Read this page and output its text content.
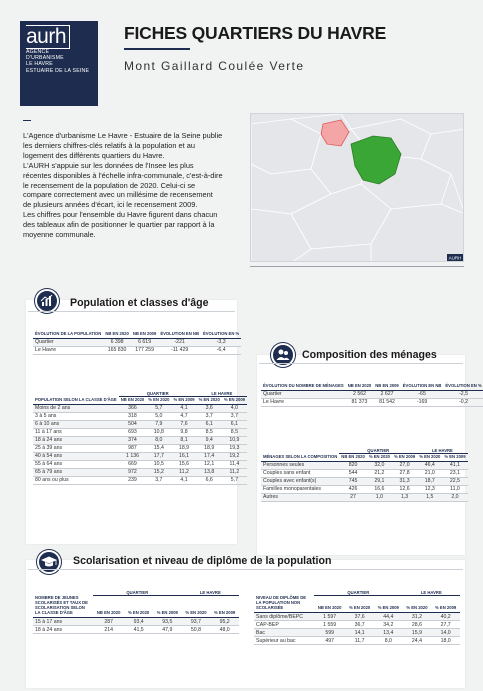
aurh
AGENCE
D'URBANISME
LE HAVRE
ESTUAIRE DE LA SEINE
FICHES QUARTIERS DU HAVRE
Mont Gaillard Coulée Verte

L'Agence d'urbanisme Le Havre - Estuaire de la Seine publie les derniers chiffres-clés relatifs à la population et au logement des différents quartiers du Havre.

L'AURH s'appuie sur les données de l'Insee les plus récentes disponibles à l'échelle infra-communale, c'est-à-dire le recensement de la population de 2020. Celui-ci se compare correctement avec un millésime de recensement de plusieurs années d'écart, ici le recensement 2009.

Les chiffres pour l'ensemble du Havre figurent dans chacun des tableaux afin de positionner le quartier par rapport à la moyenne communale.

AURH
Population et classes d'âge
ÉVOLUTION DE LA POPULATION	NB EN 2020	NB EN 2009	ÉVOLUTION EN NB	ÉVOLUTION EN %
Quartier	6 398	6 619	-221	-3,3
Le Havre	165 830	177 259	-11 429	-6,4
	QUARTIER			LE HAVRE	
POPULATION SELON LA CLASSE D'ÂGE	NB EN 2020	% EN 2020	% EN 2009	% EN 2020	% EN 2009
Moins de 2 ans	366	5,7	4,1	3,6	4,0
3 à 5 ans	318	5,0	4,7	3,7	3,7
6 à 10 ans	504	7,9	7,6	6,1	6,1
11 à 17 ans	693	10,8	9,8	8,5	8,5
18 à 24 ans	374	8,0	8,1	9,4	10,9
25 à 39 ans	987	15,4	18,9	18,9	19,3
40 à 54 ans	1 136	17,7	16,1	17,4	19,2
55 à 64 ans	669	10,5	15,6	12,1	11,4
65 à 79 ans	972	15,2	11,2	13,8	11,2
80 ans ou plus	239	3,7	4,1	6,6	5,7
Composition des ménages
ÉVOLUTION DU NOMBRE DE MÉNAGES	NB EN 2020	NB EN 2009	ÉVOLUTION EN NB	ÉVOLUTION EN %
Quartier	2 562	2 627	-65	-2,5
Le Havre	81 373	81 542	-169	-0,2
	QUARTIER			LE HAVRE	
MÉNAGES SELON LA COMPOSITION	NB EN 2020	% EN 2020	% EN 2009	% EN 2020	% EN 2009
Personnes seules	820	32,0	27,0	46,4	41,1
Couples sans enfant	544	21,2	27,8	21,0	23,1
Couples avec enfant(s)	745	29,1	31,3	18,7	22,5
Familles monoparentales	426	16,6	12,6	12,3	11,0
Autres	27	1,0	1,3	1,5	2,0
Scolarisation et niveau de diplôme de la population
	QUARTIER			LE HAVRE	
NOMBRE DE JEUNES SCOLARISÉS ET TAUX DE SCOLARISATION SELON LA CLASSE D'ÂGE	NB EN 2020	% EN 2020	% EN 2009	% EN 2020	% EN 2009
15 à 17 ans	287	93,4	93,5	93,7	95,2
18 à 24 ans	214	41,5	47,9	50,8	48,0
	QUARTIER			LE HAVRE	
NIVEAU DE DIPLÔME DE LA POPULATION NON SCOLARISÉE	NB EN 2020	% EN 2020	% EN 2009	% EN 2020	% EN 2009
Sans diplôme/BEPC	1 597	37,6	44,4	31,2	40,2
CAP-BEP	1 559	36,7	34,2	28,6	27,7
Bac	599	14,1	13,4	15,9	14,0
Supérieur au bac	497	11,7	8,0	24,4	18,0
